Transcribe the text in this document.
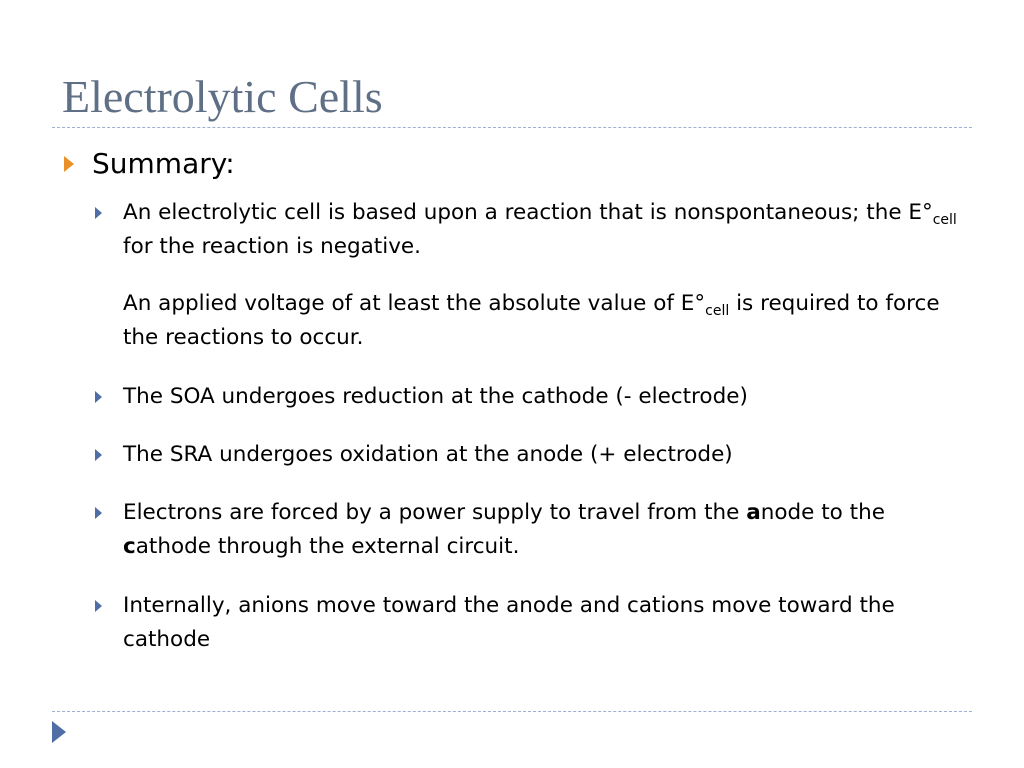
Electrolytic Cells
Summary:
An electrolytic cell is based upon a reaction that is nonspontaneous; the $E^\circ_{cell}$ for the reaction is negative.
An applied voltage of at least the absolute value of $E^\circ_{cell}$ is required to force the reactions to occur.
The SOA undergoes reduction at the cathode (- electrode)
The SRA undergoes oxidation at the anode (+ electrode)
Electrons are forced by a power supply to travel from the anode to the cathode through the external circuit.
Internally, anions move toward the anode and cations move toward the cathode
